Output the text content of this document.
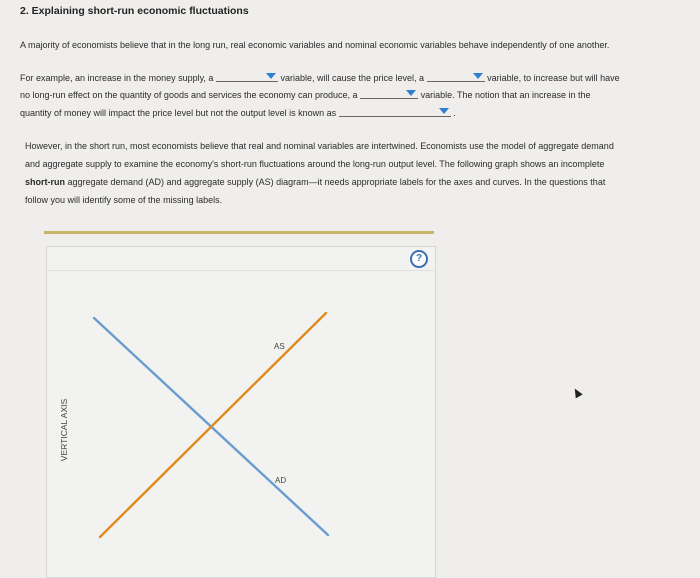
2. Explaining short-run economic fluctuations
A majority of economists believe that in the long run, real economic variables and nominal economic variables behave independently of one another.
For example, an increase in the money supply, a	variable, will cause the price level, a	variable, to increase but will have
no long-run effect on the quantity of goods and services the economy can produce, a	variable. The notion that an increase in the
quantity of money will impact the price level but not the output level is known as	.
However, in the short run, most economists believe that real and nominal variables are intertwined. Economists use the model of aggregate demand
and aggregate supply to examine the economy's short-run fluctuations around the long-run output level. The following graph shows an incomplete
short-run aggregate demand (AD) and aggregate supply (AS) diagram—it needs appropriate labels for the axes and curves. In the questions that
follow you will identify some of the missing labels.
?
AS
AD
VERTICAL AXIS
